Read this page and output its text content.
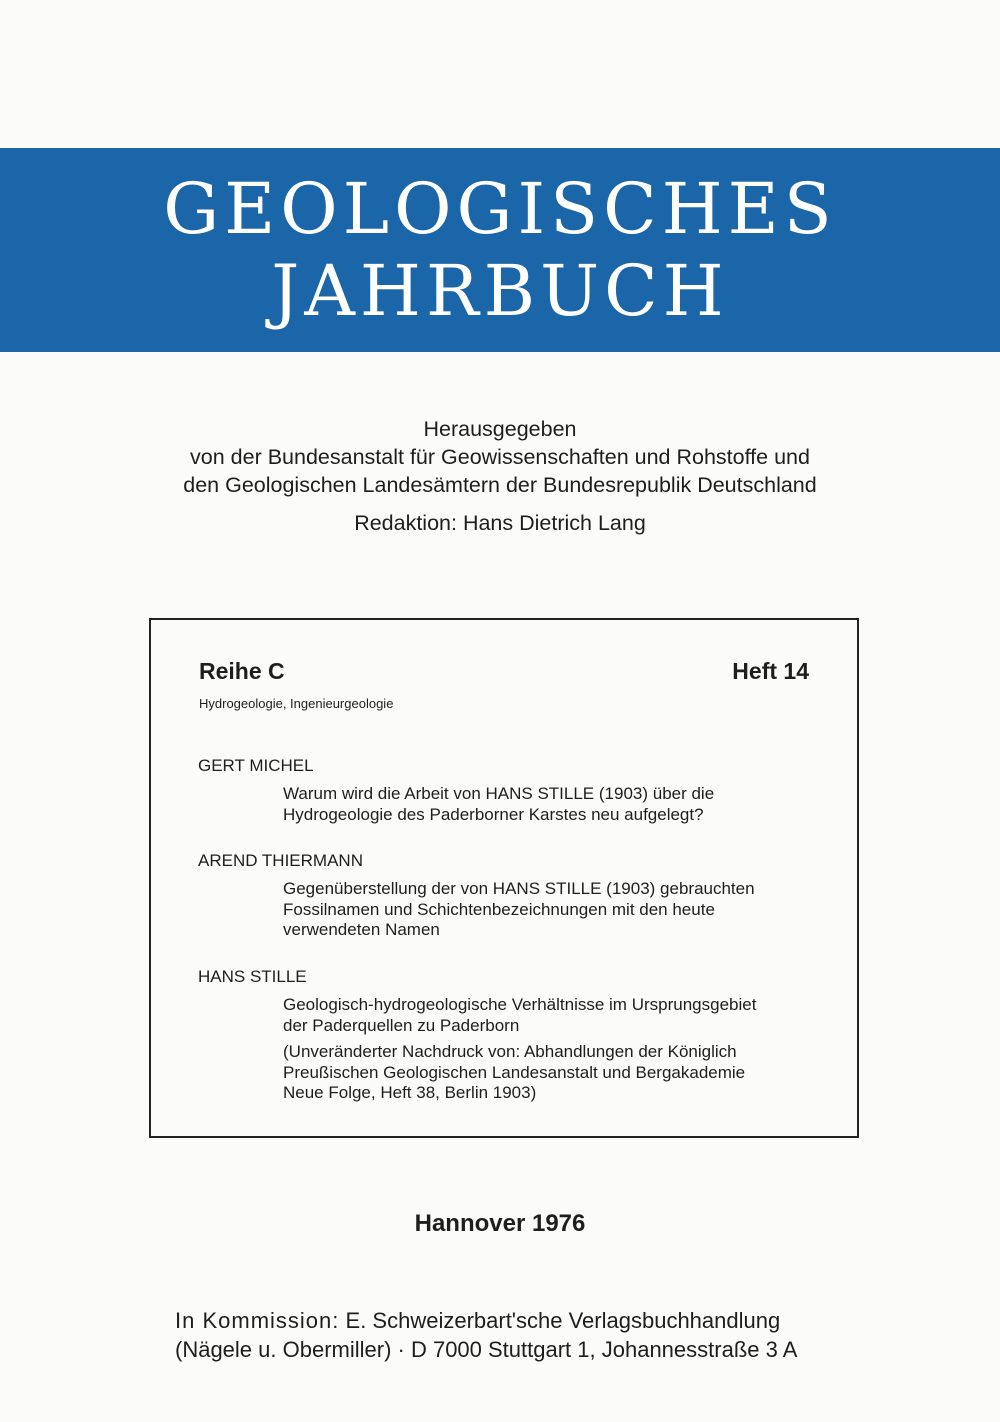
GEOLOGISCHES
JAHRBUCH
Herausgegeben
von der Bundesanstalt für Geowissenschaften und Rohstoffe und
den Geologischen Landesämtern der Bundesrepublik Deutschland
Redaktion: Hans Dietrich Lang
Reihe C	Heft 14
Hydrogeologie, Ingenieurgeologie
GERT MICHEL
Warum wird die Arbeit von HANS STILLE (1903) über die
Hydrogeologie des Paderborner Karstes neu aufgelegt?
AREND THIERMANN
Gegenüberstellung der von HANS STILLE (1903) gebrauchten
Fossilnamen und Schichtenbezeichnungen mit den heute
verwendeten Namen
HANS STILLE
Geologisch-hydrogeologische Verhältnisse im Ursprungsgebiet
der Paderquellen zu Paderborn
(Unveränderter Nachdruck von: Abhandlungen der Königlich
Preußischen Geologischen Landesanstalt und Bergakademie
Neue Folge, Heft 38, Berlin 1903)
Hannover 1976
In Kommission: E. Schweizerbart'sche Verlagsbuchhandlung
(Nägele u. Obermiller) · D 7000 Stuttgart 1, Johannesstraße 3 A
